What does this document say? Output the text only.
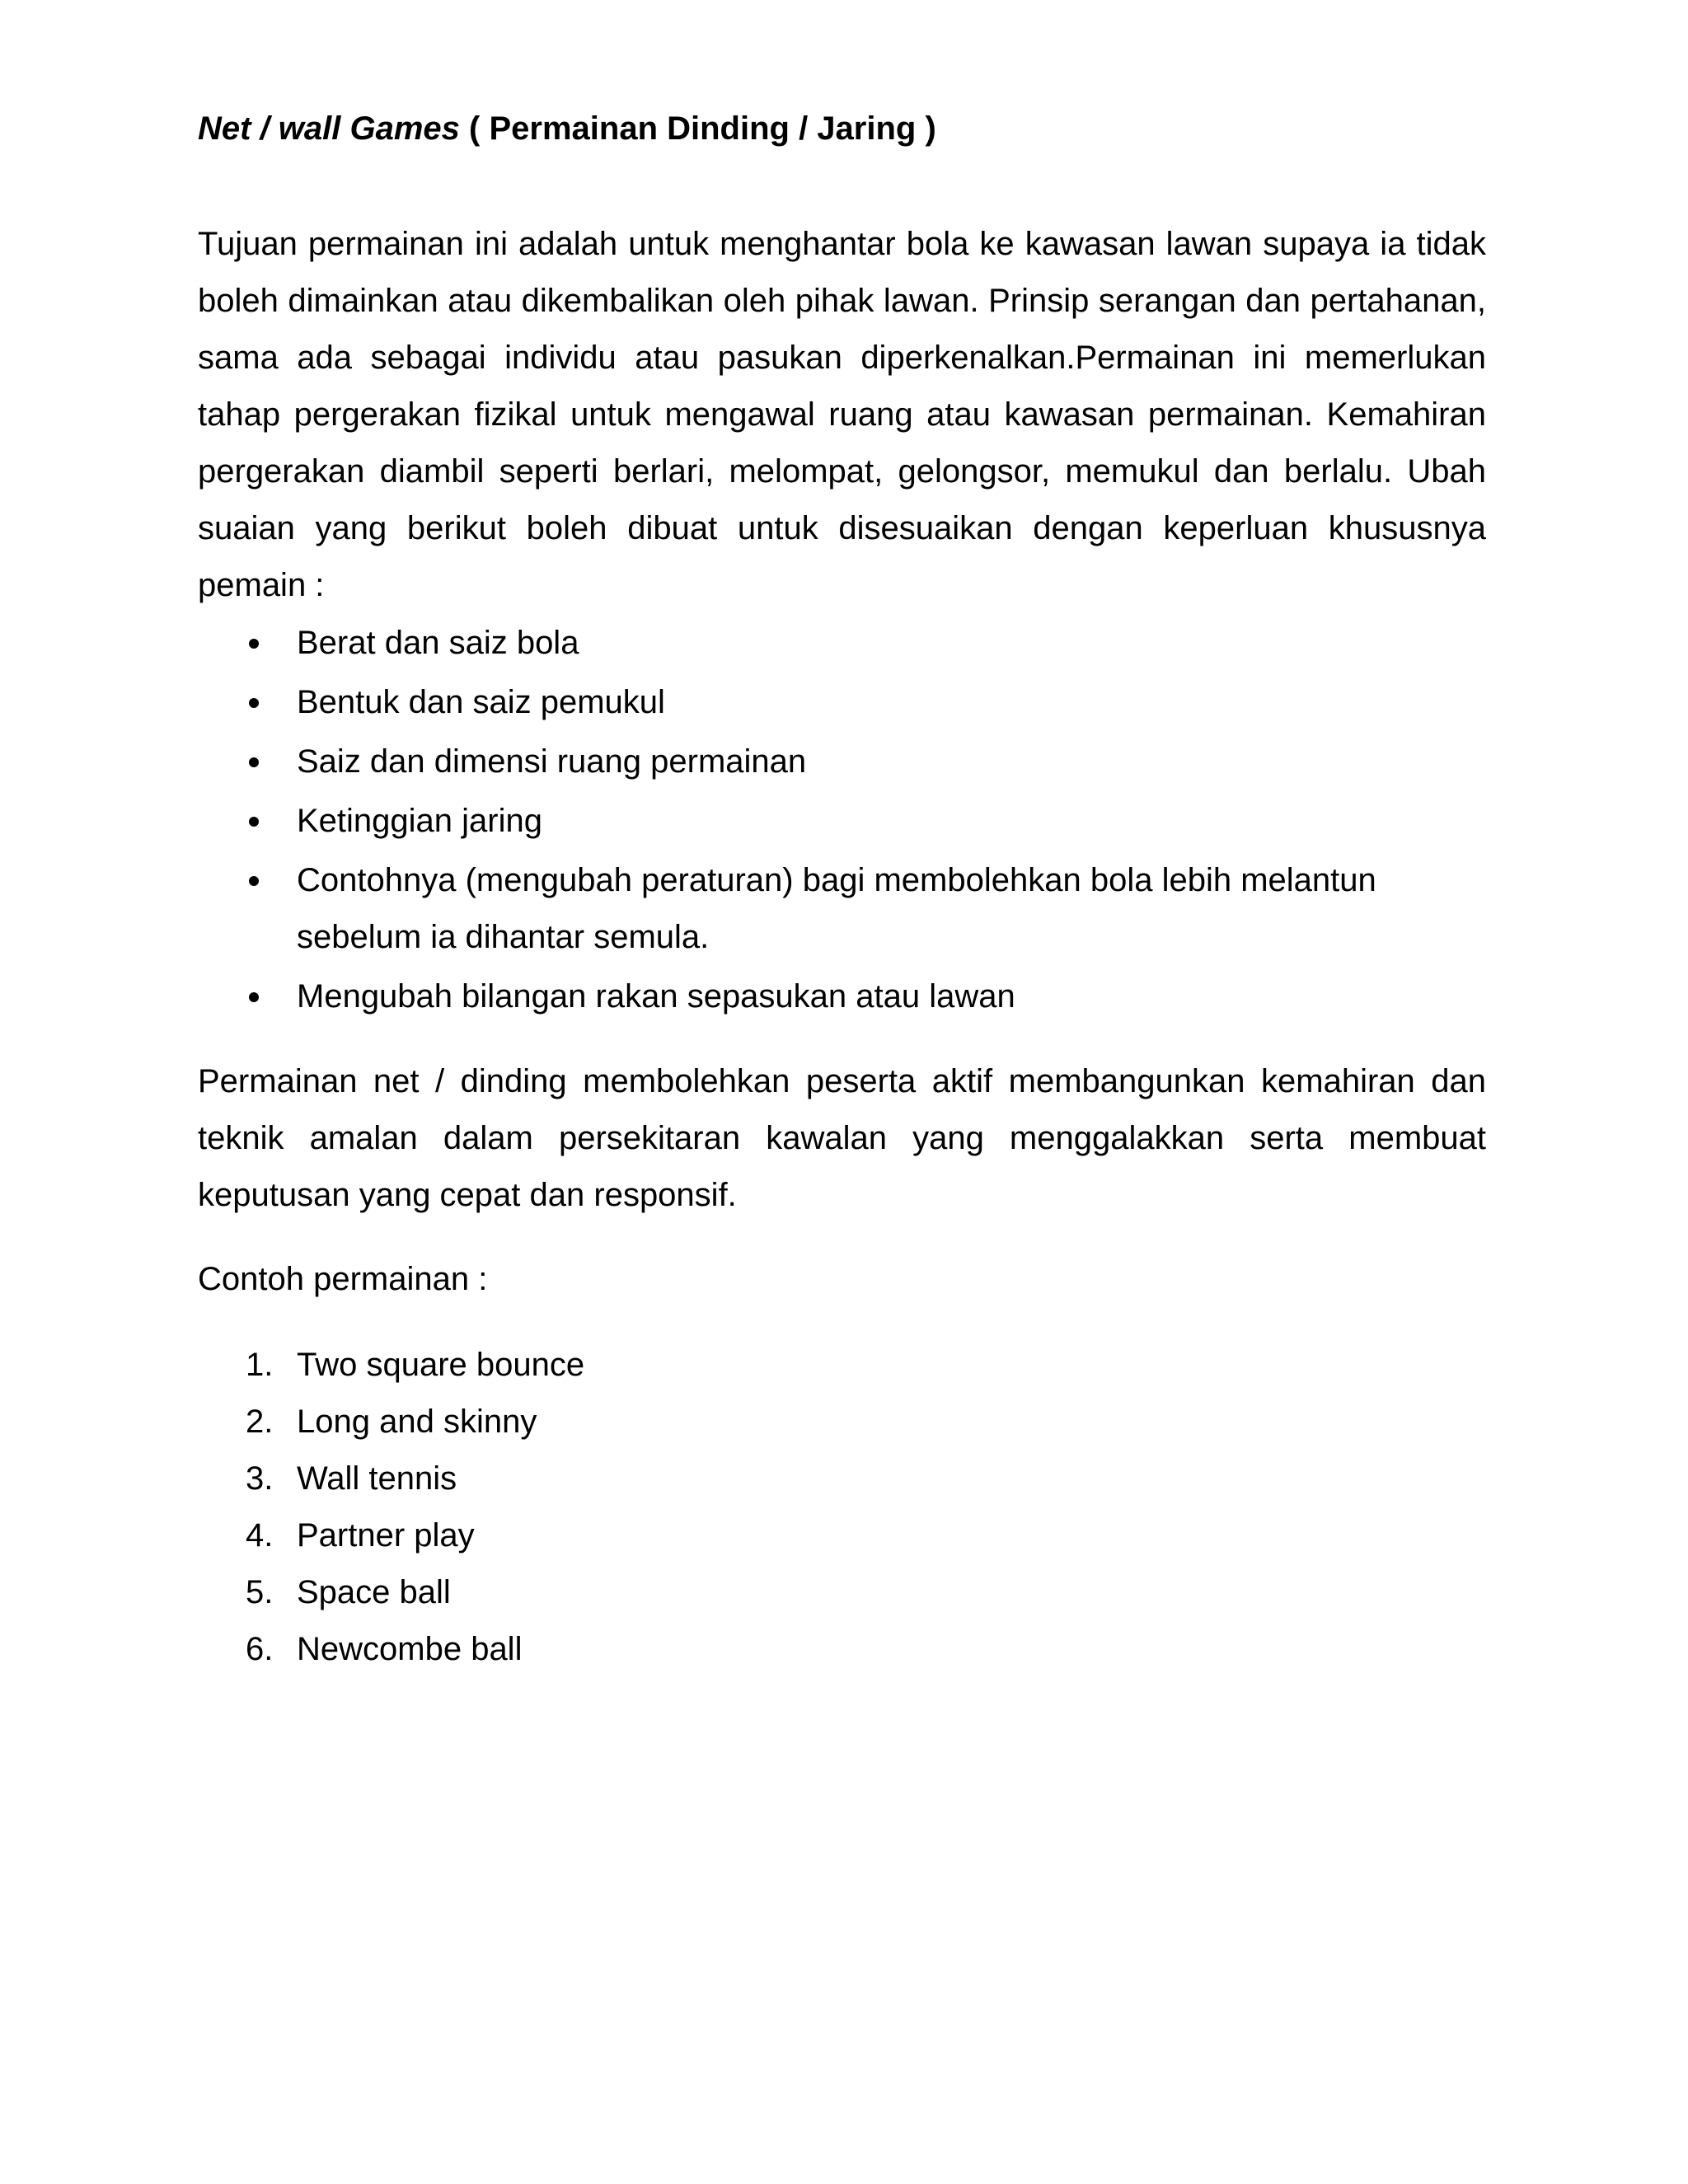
Net / wall Games ( Permainan Dinding / Jaring )

Tujuan permainan ini adalah untuk menghantar bola ke kawasan lawan supaya ia tidak boleh dimainkan atau dikembalikan oleh pihak lawan. Prinsip serangan dan pertahanan, sama ada sebagai individu atau pasukan diperkenalkan.Permainan ini memerlukan tahap pergerakan fizikal untuk mengawal ruang atau kawasan permainan. Kemahiran pergerakan diambil seperti berlari, melompat, gelongsor, memukul dan berlalu. Ubah suaian yang berikut boleh dibuat untuk disesuaikan dengan keperluan khususnya pemain :

Berat dan saiz bola
Bentuk dan saiz pemukul
Saiz dan dimensi ruang permainan
Ketinggian jaring
Contohnya (mengubah peraturan) bagi membolehkan bola lebih melantun sebelum ia dihantar semula.
Mengubah bilangan rakan sepasukan atau lawan

Permainan net / dinding membolehkan peserta aktif membangunkan kemahiran dan teknik amalan dalam persekitaran kawalan yang menggalakkan serta membuat keputusan yang cepat dan responsif.

Contoh permainan :

1. Two square bounce
2. Long and skinny
3. Wall tennis
4. Partner play
5. Space ball
6. Newcombe ball
